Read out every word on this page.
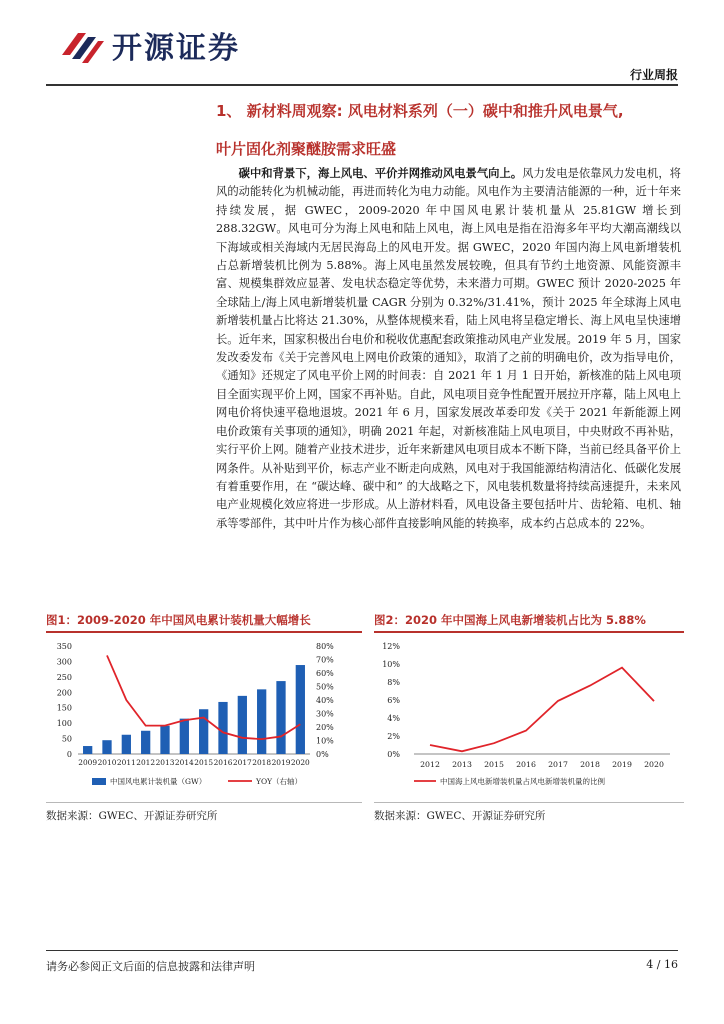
开源证券
行业周报
1、 新材料周观察: 风电材料系列（一）碳中和推升风电景气,
叶片固化剂聚醚胺需求旺盛
碳中和背景下，海上风电、平价并网推动风电景气向上。风力发电是依靠风力发电机，将风的动能转化为机械动能，再进而转化为电力动能。风电作为主要清洁能源的一种，近十年来持续发展，据 GWEC，2009-2020 年中国风电累计装机量从 25.81GW 增长到 288.32GW。风电可分为海上风电和陆上风电，海上风电是指在沿海多年平均大潮高潮线以下海域或相关海域内无居民海岛上的风电开发。据 GWEC，2020 年国内海上风电新增装机占总新增装机比例为 5.88%。海上风电虽然发展较晚，但具有节约土地资源、风能资源丰富、规模集群效应显著、发电状态稳定等优势，未来潜力可期。GWEC 预计 2020-2025 年全球陆上/海上风电新增装机量 CAGR 分别为 0.32%/31.41%，预计 2025 年全球海上风电新增装机量占比将达 21.30%，从整体规模来看，陆上风电将呈稳定增长、海上风电呈快速增长。近年来，国家积极出台电价和税收优惠配套政策推动风电产业发展。2019 年 5 月，国家发改委发布《关于完善风电上网电价政策的通知》，取消了之前的明确电价，改为指导电价，《通知》还规定了风电平价上网的时间表：自 2021 年 1 月 1 日开始，新核准的陆上风电项目全面实现平价上网，国家不再补贴。自此，风电项目竞争性配置开展拉开序幕，陆上风电上网电价将快速平稳地退坡。2021 年 6 月，国家发展改革委印发《关于 2021 年新能源上网电价政策有关事项的通知》，明确 2021 年起，对新核准陆上风电项目，中央财政不再补贴，实行平价上网。随着产业技术进步，近年来新建风电项目成本不断下降，当前已经具备平价上网条件。从补贴到平价，标志产业不断走向成熟，风电对于我国能源结构清洁化、低碳化发展有着重要作用，在 “碳达峰、碳中和” 的大战略之下，风电装机数量将持续高速提升，未来风电产业规模化效应将进一步形成。从上游材料看，风电设备主要包括叶片、齿轮箱、电机、轴承等零部件，其中叶片作为核心部件直接影响风能的转换率，成本约占总成本的 22%。
图1：2009-2020 年中国风电累计装机量大幅增长	图2：2020 年中国海上风电新增装机占比为 5.88%
0
50
100
150
200
250
300
350
0%
10%
20%
30%
40%
50%
60%
70%
80%
2009 2010 2011 2012 2013 2014 2015 2016 2017 2018 2019 2020
中国风电累计装机量（GW）	YOY（右轴）
0%
2%
4%
6%
8%
10%
12%
2012 2013 2015 2016 2017 2018 2019 2020
中国海上风电新增装机量占风电新增装机量的比例
数据来源：GWEC、开源证券研究所	数据来源：GWEC、开源证券研究所
请务必参阅正文后面的信息披露和法律声明	4 / 16
